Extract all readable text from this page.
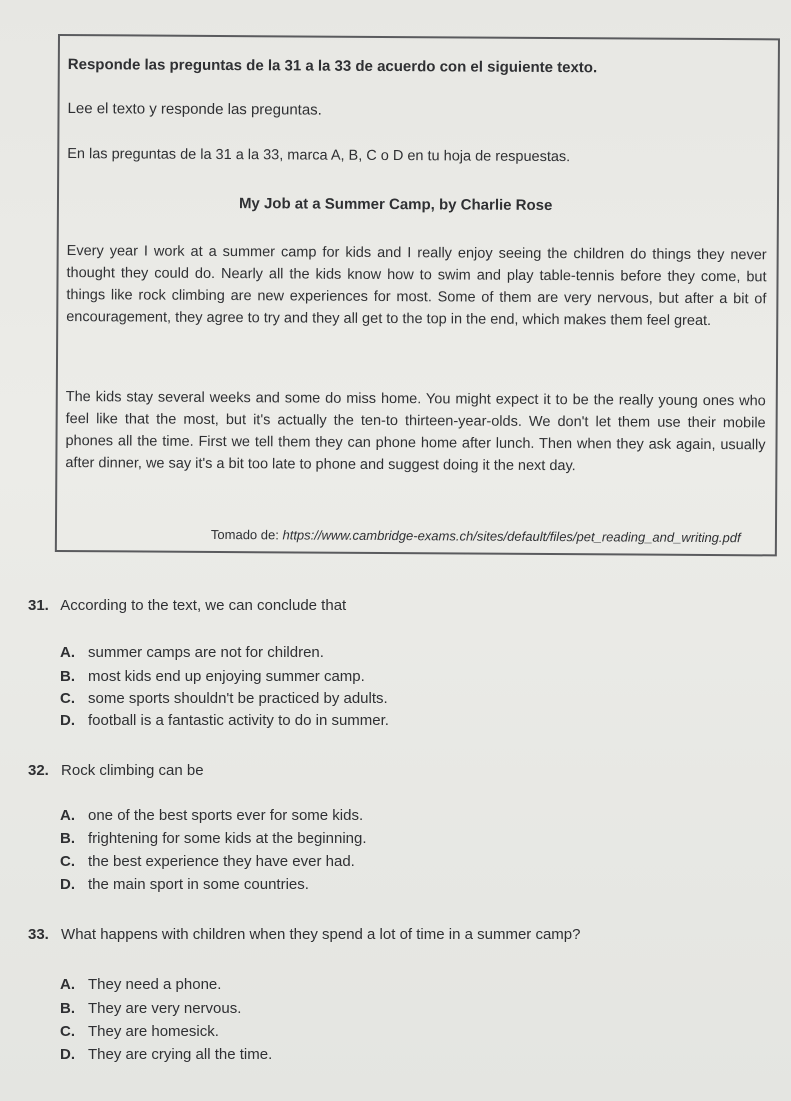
Responde las preguntas de la 31 a la 33 de acuerdo con el siguiente texto.
Lee el texto y responde las preguntas.
En las preguntas de la 31 a la 33, marca A, B, C o D en tu hoja de respuestas.
My Job at a Summer Camp, by Charlie Rose
Every year I work at a summer camp for kids and I really enjoy seeing the children do things they never thought they could do. Nearly all the kids know how to swim and play table-tennis before they come, but things like rock climbing are new experiences for most. Some of them are very nervous, but after a bit of encouragement, they agree to try and they all get to the top in the end, which makes them feel great.
The kids stay several weeks and some do miss home. You might expect it to be the really young ones who feel like that the most, but it's actually the ten-to thirteen-year-olds. We don't let them use their mobile phones all the time. First we tell them they can phone home after lunch. Then when they ask again, usually after dinner, we say it's a bit too late to phone and suggest doing it the next day.
Tomado de: https://www.cambridge-exams.ch/sites/default/files/pet_reading_and_writing.pdf
31. According to the text, we can conclude that
A. summer camps are not for children.
B. most kids end up enjoying summer camp.
C. some sports shouldn't be practiced by adults.
D. football is a fantastic activity to do in summer.
32. Rock climbing can be
A. one of the best sports ever for some kids.
B. frightening for some kids at the beginning.
C. the best experience they have ever had.
D. the main sport in some countries.
33. What happens with children when they spend a lot of time in a summer camp?
A. They need a phone.
B. They are very nervous.
C. They are homesick.
D. They are crying all the time.
